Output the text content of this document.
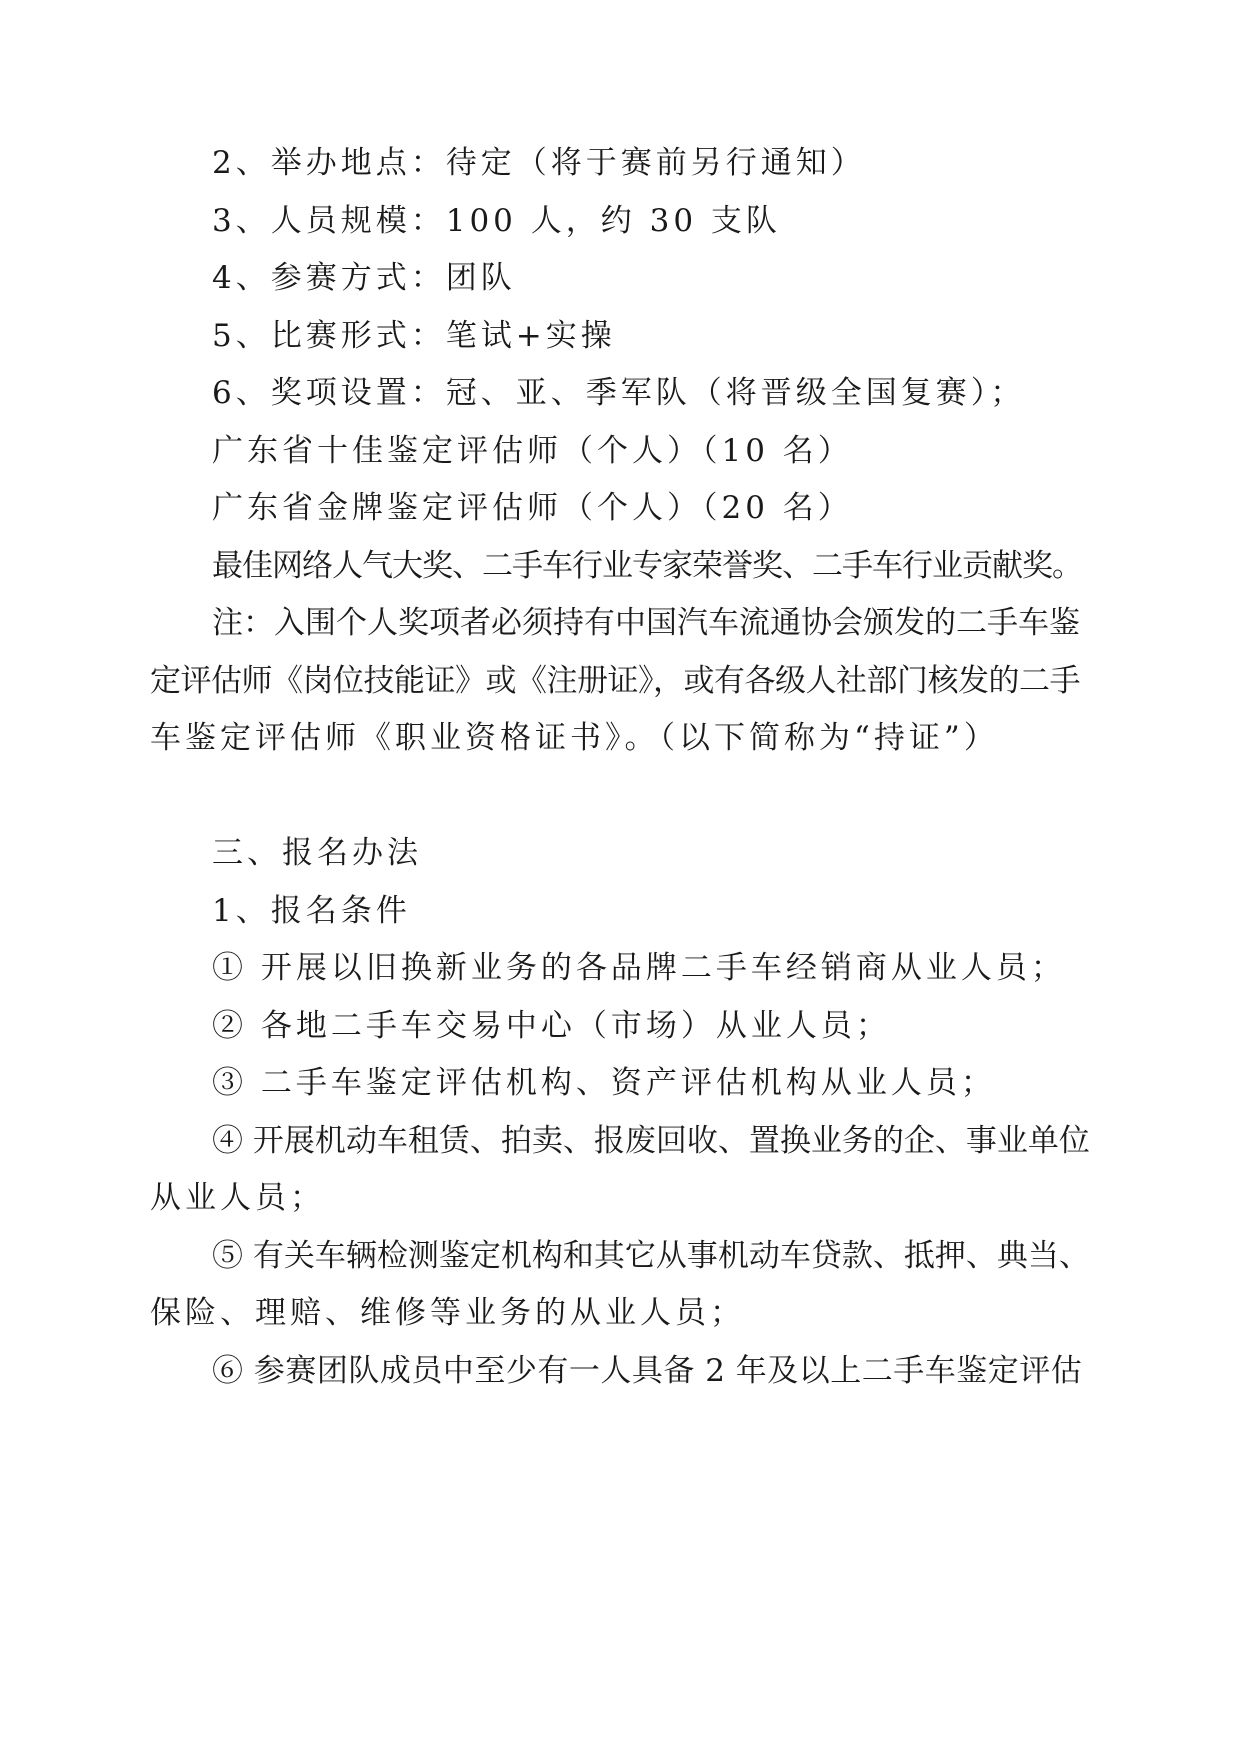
2、举办地点：待定（将于赛前另行通知）
3、人员规模：100 人，约 30 支队
4、参赛方式：团队
5、比赛形式：笔试+实操
6、奖项设置：冠、亚、季军队（将晋级全国复赛）；
广东省十佳鉴定评估师（个人）（10 名）
广东省金牌鉴定评估师（个人）（20 名）
最佳网络人气大奖、二手车行业专家荣誉奖、二手车行业贡献奖。
注：入围个人奖项者必须持有中国汽车流通协会颁发的二手车鉴
定评估师《岗位技能证》或《注册证》，或有各级人社部门核发的二手
车鉴定评估师《职业资格证书》。（以下简称为“持证”）
三、报名办法
1、报名条件
① 开展以旧换新业务的各品牌二手车经销商从业人员；
② 各地二手车交易中心（市场）从业人员；
③ 二手车鉴定评估机构、资产评估机构从业人员；
④ 开展机动车租赁、拍卖、报废回收、置换业务的企、事业单位
从业人员；
⑤ 有关车辆检测鉴定机构和其它从事机动车贷款、抵押、典当、
保险、理赔、维修等业务的从业人员；
⑥ 参赛团队成员中至少有一人具备 2 年及以上二手车鉴定评估
